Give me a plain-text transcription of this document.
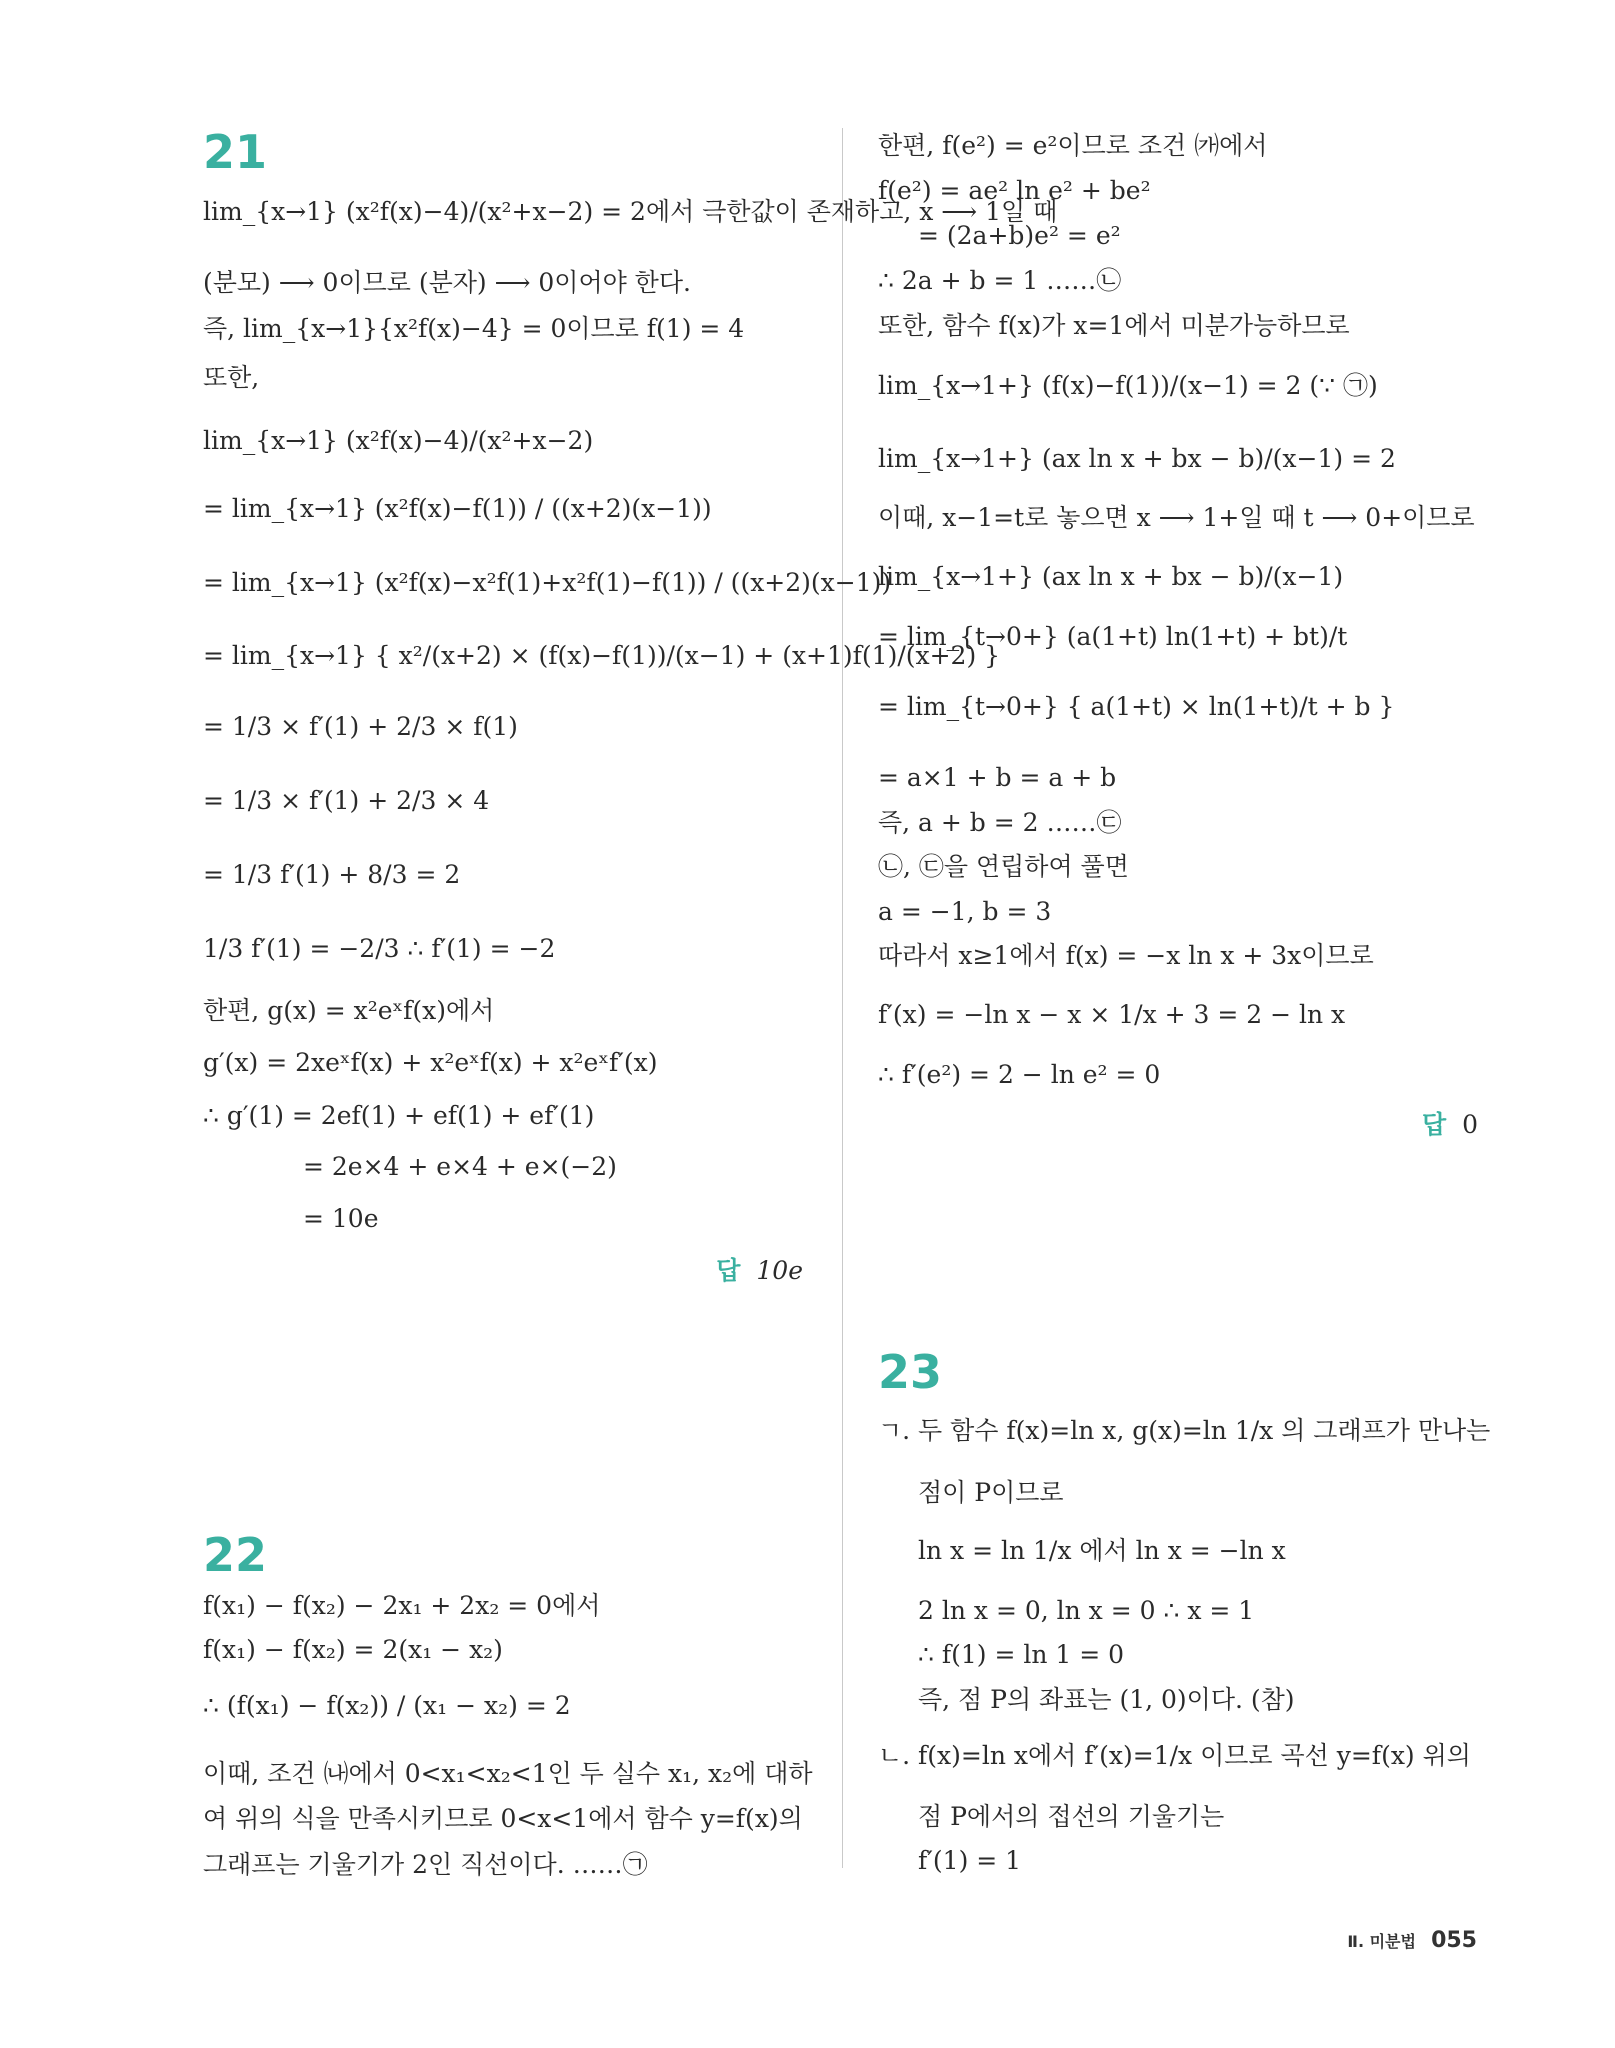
21
lim_{x→1} (x²f(x)−4)/(x²+x−2) = 2에서 극한값이 존재하고, x ⟶ 1일 때
(분모) ⟶ 0이므로 (분자) ⟶ 0이어야 한다.
즉, lim_{x→1}{x²f(x)−4} = 0이므로 f(1) = 4
또한,
lim_{x→1} (x²f(x)−4)/(x²+x−2)
= lim_{x→1} (x²f(x)−f(1)) / ((x+2)(x−1))
= lim_{x→1} (x²f(x)−x²f(1)+x²f(1)−f(1)) / ((x+2)(x−1))
= lim_{x→1} { x²/(x+2) × (f(x)−f(1))/(x−1) + (x+1)f(1)/(x+2) }
= 1/3 × f′(1) + 2/3 × f(1)
= 1/3 × f′(1) + 2/3 × 4
= 1/3 f′(1) + 8/3 = 2
1/3 f′(1) = −2/3 ∴ f′(1) = −2
한편, g(x) = x²eˣf(x)에서
g′(x) = 2xeˣf(x) + x²eˣf(x) + x²eˣf′(x)
∴ g′(1) = 2ef(1) + ef(1) + ef′(1)
= 2e×4 + e×4 + e×(−2)
= 10e
답 10e
22
f(x₁) − f(x₂) − 2x₁ + 2x₂ = 0에서
f(x₁) − f(x₂) = 2(x₁ − x₂)
∴ (f(x₁) − f(x₂)) / (x₁ − x₂) = 2
이때, 조건 ㈏에서 0<x₁<x₂<1인 두 실수 x₁, x₂에 대하
여 위의 식을 만족시키므로 0<x<1에서 함수 y=f(x)의
그래프는 기울기가 2인 직선이다. ……㉠
한편, f(e²) = e²이므로 조건 ㈎에서
f(e²) = ae² ln e² + be²
= (2a+b)e² = e²
∴ 2a + b = 1 ……㉡
또한, 함수 f(x)가 x=1에서 미분가능하므로
lim_{x→1+} (f(x)−f(1))/(x−1) = 2 (∵ ㉠)
lim_{x→1+} (ax ln x + bx − b)/(x−1) = 2
이때, x−1=t로 놓으면 x ⟶ 1+일 때 t ⟶ 0+이므로
lim_{x→1+} (ax ln x + bx − b)/(x−1)
= lim_{t→0+} (a(1+t) ln(1+t) + bt)/t
= lim_{t→0+} { a(1+t) × ln(1+t)/t + b }
= a×1 + b = a + b
즉, a + b = 2 ……㉢
㉡, ㉢을 연립하여 풀면
a = −1, b = 3
따라서 x≥1에서 f(x) = −x ln x + 3x이므로
f′(x) = −ln x − x × 1/x + 3 = 2 − ln x
∴ f′(e²) = 2 − ln e² = 0
답 0
23
ㄱ. 두 함수 f(x)=ln x, g(x)=ln 1/x 의 그래프가 만나는
점이 P이므로
ln x = ln 1/x 에서 ln x = −ln x
2 ln x = 0, ln x = 0 ∴ x = 1
∴ f(1) = ln 1 = 0
즉, 점 P의 좌표는 (1, 0)이다. (참)
ㄴ. f(x)=ln x에서 f′(x)=1/x 이므로 곡선 y=f(x) 위의
점 P에서의 접선의 기울기는
f′(1) = 1
Ⅱ. 미분법 055
